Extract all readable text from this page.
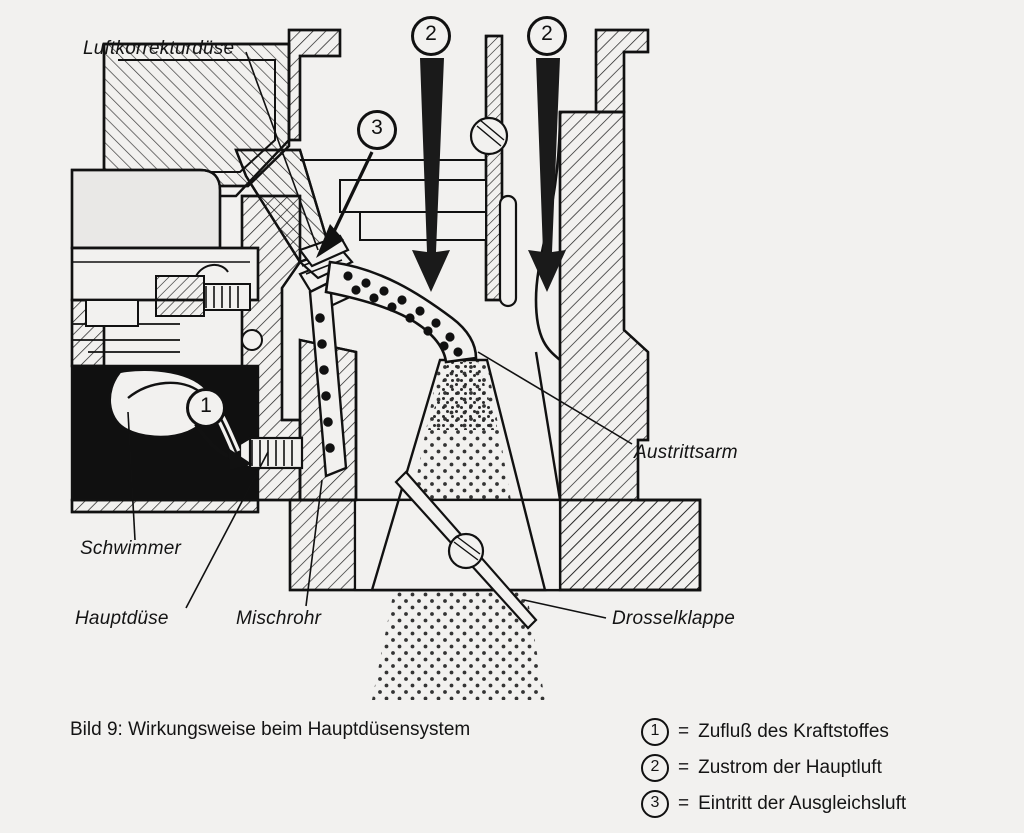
2	2
3
1
Luftkorrekturdüse
Schwimmer
Hauptdüse	Mischrohr
Austrittsarm
Drosselklappe
Bild 9: Wirkungsweise beim Hauptdüsensystem	1 = Zufluß des Kraftstoffes
2 = Zustrom der Hauptluft
3 = Eintritt der Ausgleichsluft
